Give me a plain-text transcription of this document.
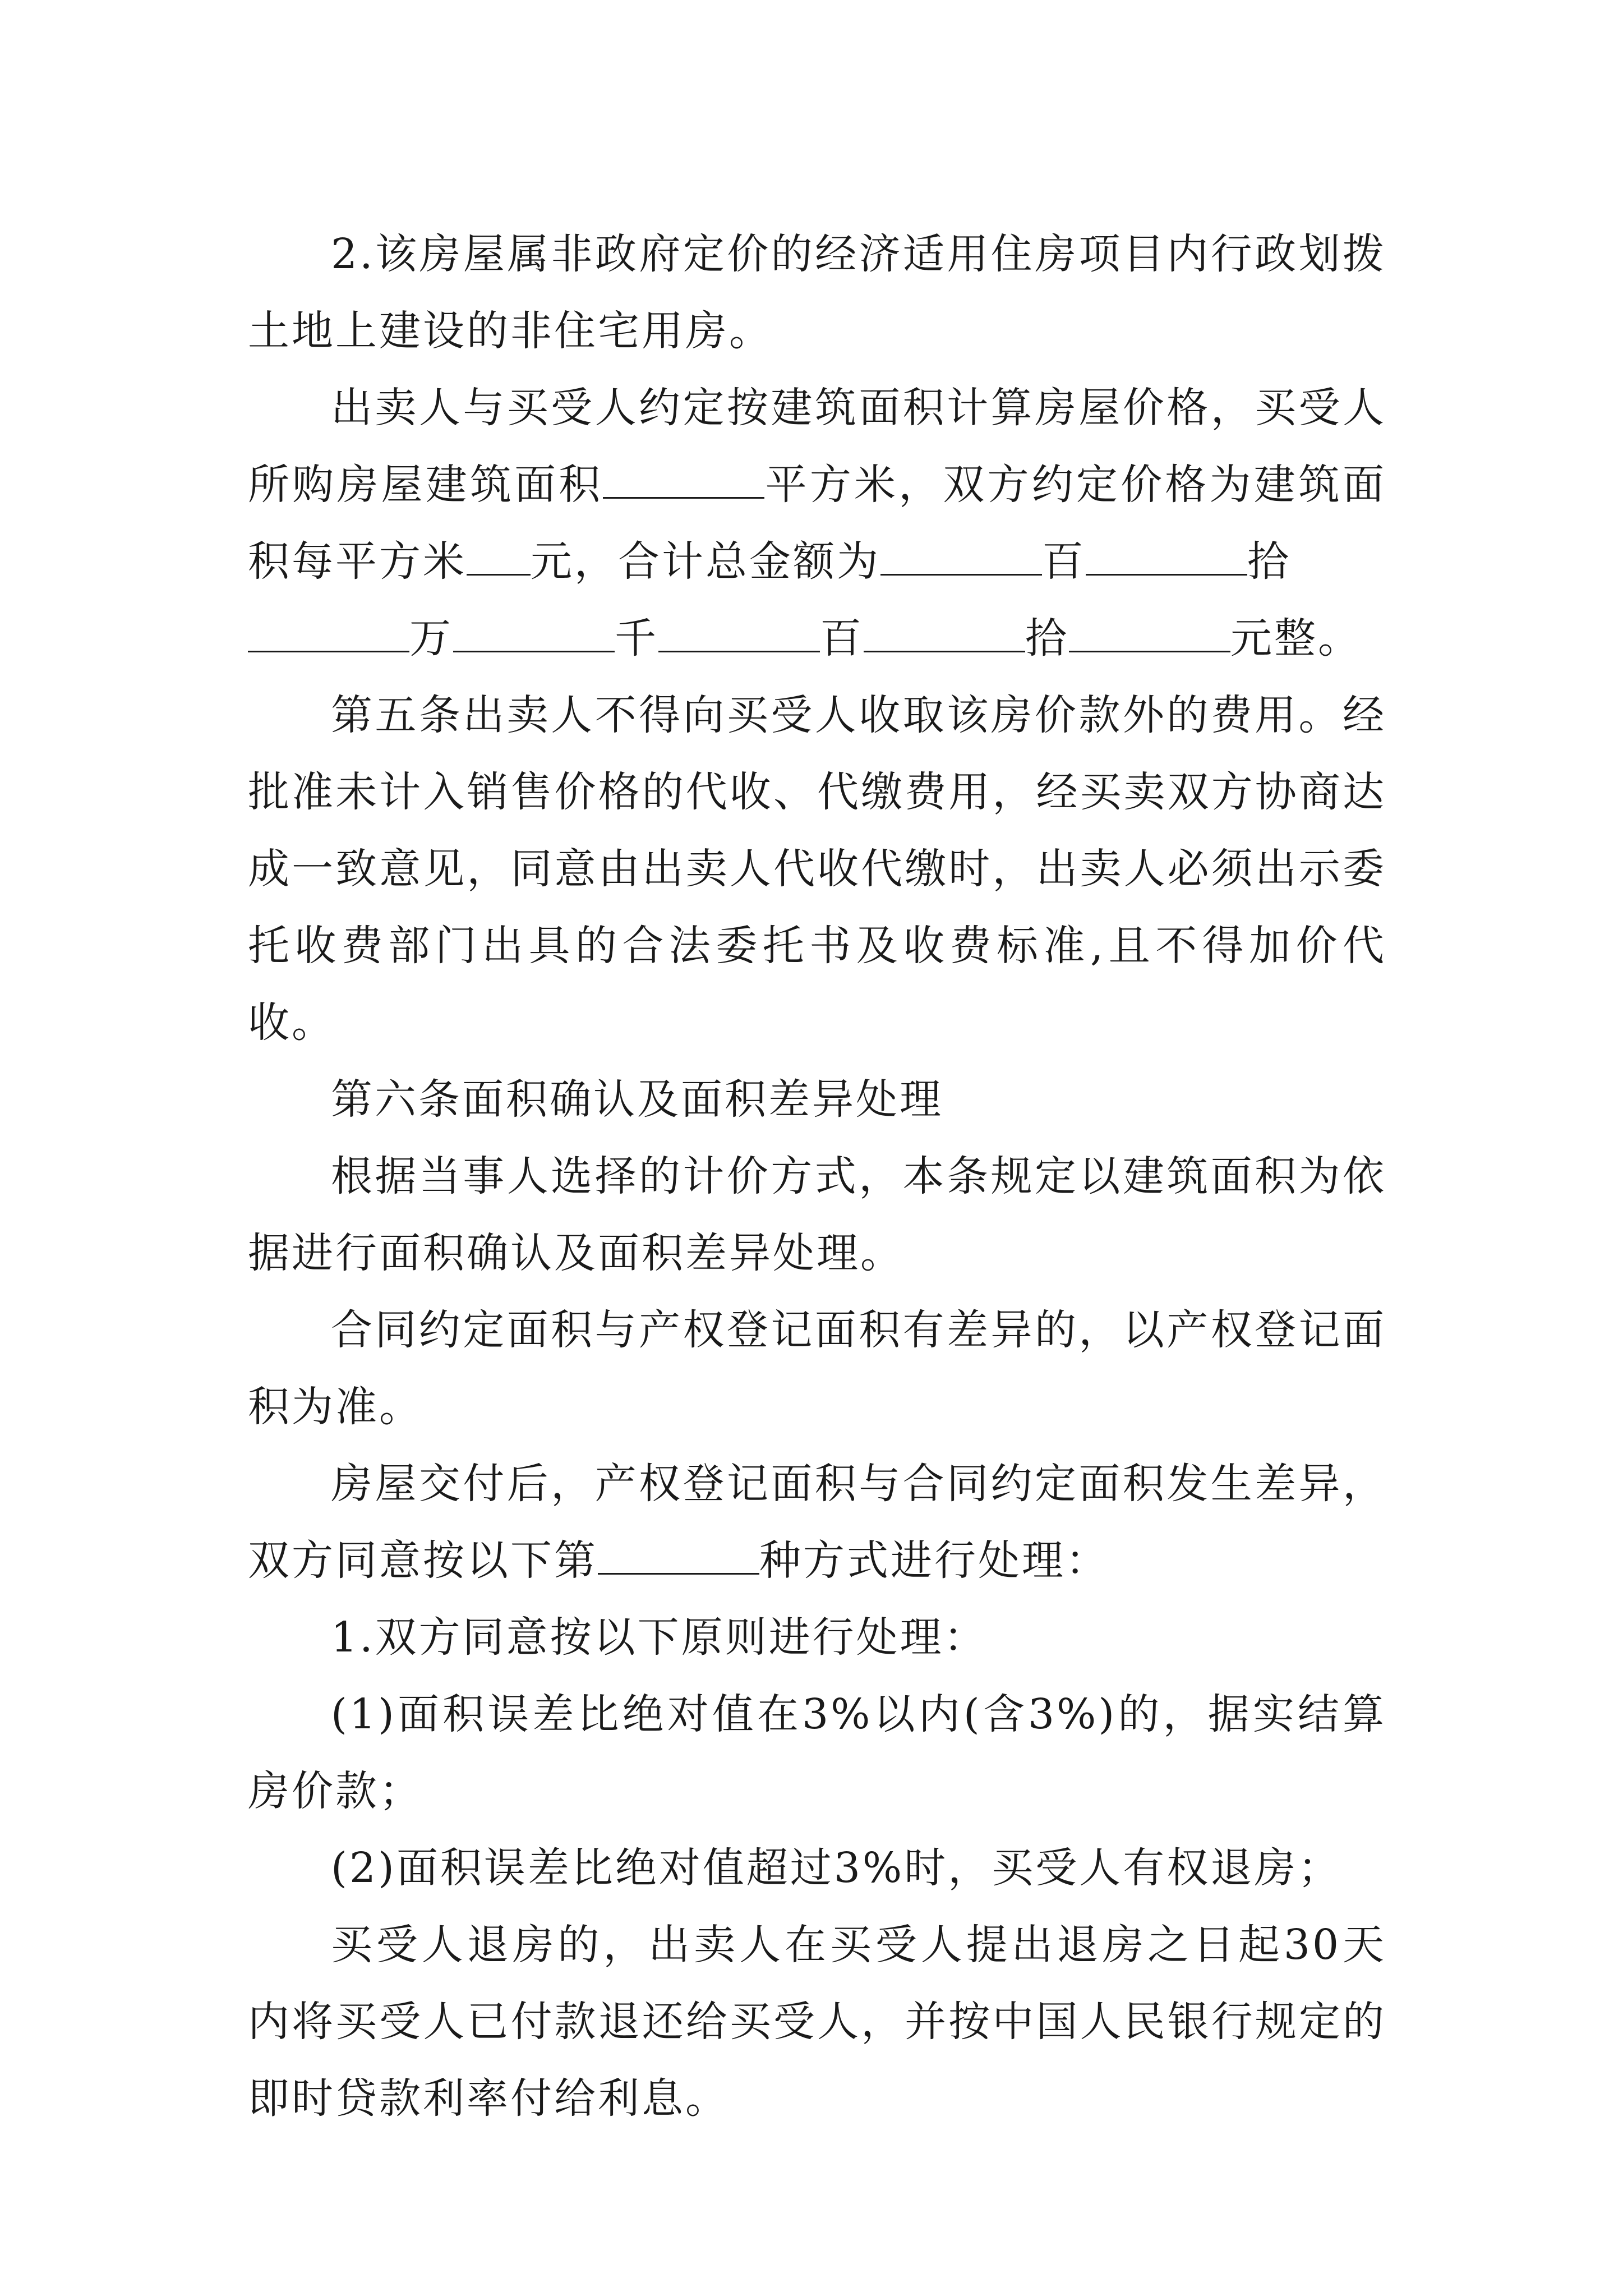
2.该房屋属非政府定价的经济适用住房项目内行政划拨土地上建设的非住宅用房。

出卖人与买受人约定按建筑面积计算房屋价格，买受人所购房屋建筑面积	平方米，双方约定价格为建筑面积每平方米 元，合计总金额为	百	拾

万	千	百	拾	元整。

第五条出卖人不得向买受人收取该房价款外的费用。经批准未计入销售价格的代收、代缴费用，经买卖双方协商达成一致意见，同意由出卖人代收代缴时，出卖人必须出示委托收费部门出具的合法委托书及收费标准,且不得加价代收。

第六条面积确认及面积差异处理

根据当事人选择的计价方式，本条规定以建筑面积为依据进行面积确认及面积差异处理。

合同约定面积与产权登记面积有差异的，以产权登记面积为准。

房屋交付后，产权登记面积与合同约定面积发生差异，双方同意按以下第	种方式进行处理：

1.双方同意按以下原则进行处理：

(1)面积误差比绝对值在3%以内(含3%)的，据实结算房价款；

(2)面积误差比绝对值超过3%时，买受人有权退房；

买受人退房的，出卖人在买受人提出退房之日起30天内将买受人已付款退还给买受人，并按中国人民银行规定的即时贷款利率付给利息。
